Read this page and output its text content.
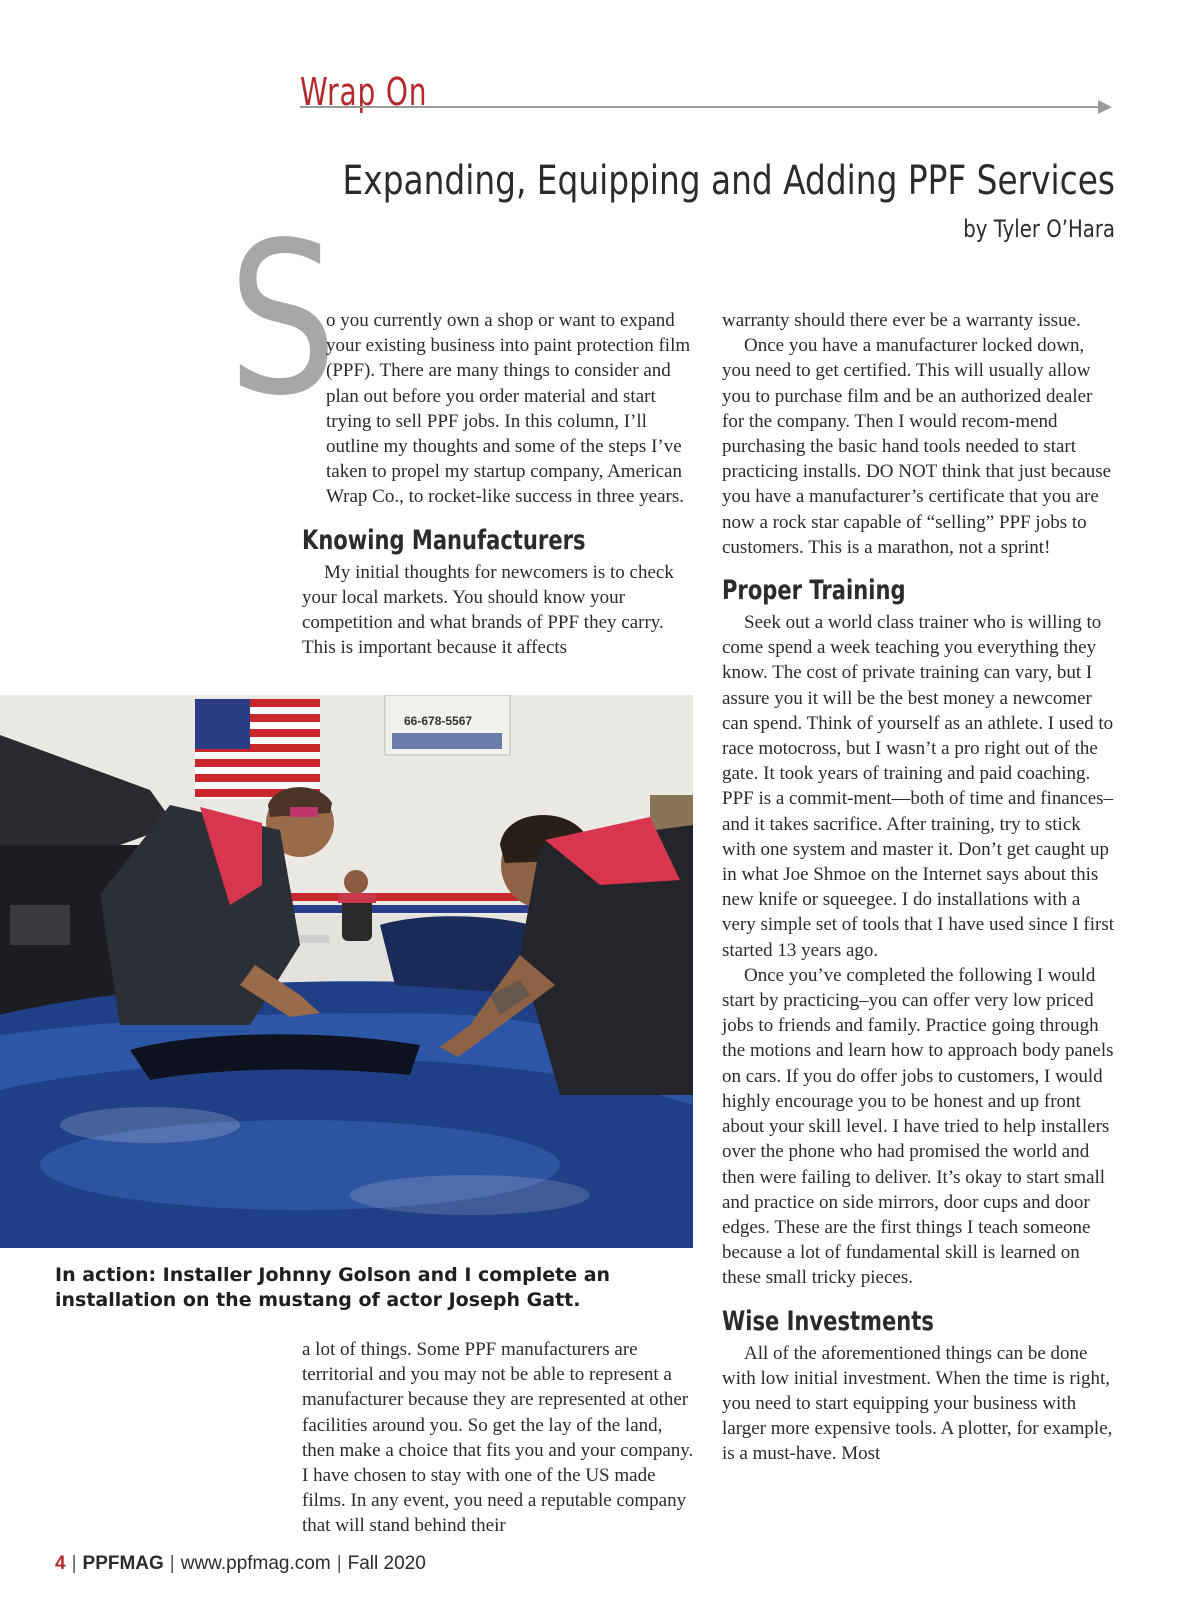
Wrap On
Expanding, Equipping and Adding PPF Services
by Tyler O’Hara
S

o you currently own a shop or want to expand your existing business into paint protection film (PPF). There are many things to consider and plan out before you order material and start trying to sell PPF jobs. In this column, I’ll outline my thoughts and some of the steps I’ve taken to propel my startup company, American Wrap Co., to rocket-like success in three years.

Knowing Manufacturers

My initial thoughts for newcomers is to check your local markets. You should know your competition and what brands of PPF they carry. This is important because it affects

66-678-5567
In action: Installer Johnny Golson and I complete an installation on the mustang of actor Joseph Gatt.

a lot of things. Some PPF manufacturers are territorial and you may not be able to represent a manufacturer because they are represented at other facilities around you. So get the lay of the land, then make a choice that fits you and your company. I have chosen to stay with one of the US made films. In any event, you need a reputable company that will stand behind their

warranty should there ever be a warranty issue.

Once you have a manufacturer locked down, you need to get certified. This will usually allow you to purchase film and be an authorized dealer for the company. Then I would recom-mend purchasing the basic hand tools needed to start practicing installs. DO NOT think that just because you have a manufacturer’s certificate that you are now a rock star capable of “selling” PPF jobs to customers. This is a marathon, not a sprint!

Proper Training

Seek out a world class trainer who is willing to come spend a week teaching you everything they know. The cost of private training can vary, but I assure you it will be the best money a newcomer can spend. Think of yourself as an athlete. I used to race motocross, but I wasn’t a pro right out of the gate. It took years of training and paid coaching. PPF is a commit-ment—both of time and finances–and it takes sacrifice. After training, try to stick with one system and master it. Don’t get caught up in what Joe Shmoe on the Internet says about this new knife or squeegee. I do installations with a very simple set of tools that I have used since I first started 13 years ago.

Once you’ve completed the following I would start by practicing–you can offer very low priced jobs to friends and family. Practice going through the motions and learn how to approach body panels on cars. If you do offer jobs to customers, I would highly encourage you to be honest and up front about your skill level. I have tried to help installers over the phone who had promised the world and then were failing to deliver. It’s okay to start small and practice on side mirrors, door cups and door edges. These are the first things I teach someone because a lot of fundamental skill is learned on these small tricky pieces.

Wise Investments

All of the aforementioned things can be done with low initial investment. When the time is right, you need to start equipping your business with larger more expensive tools. A plotter, for example, is a must-have. Most

4 | PPFMAG | www.ppfmag.com | Fall 2020
